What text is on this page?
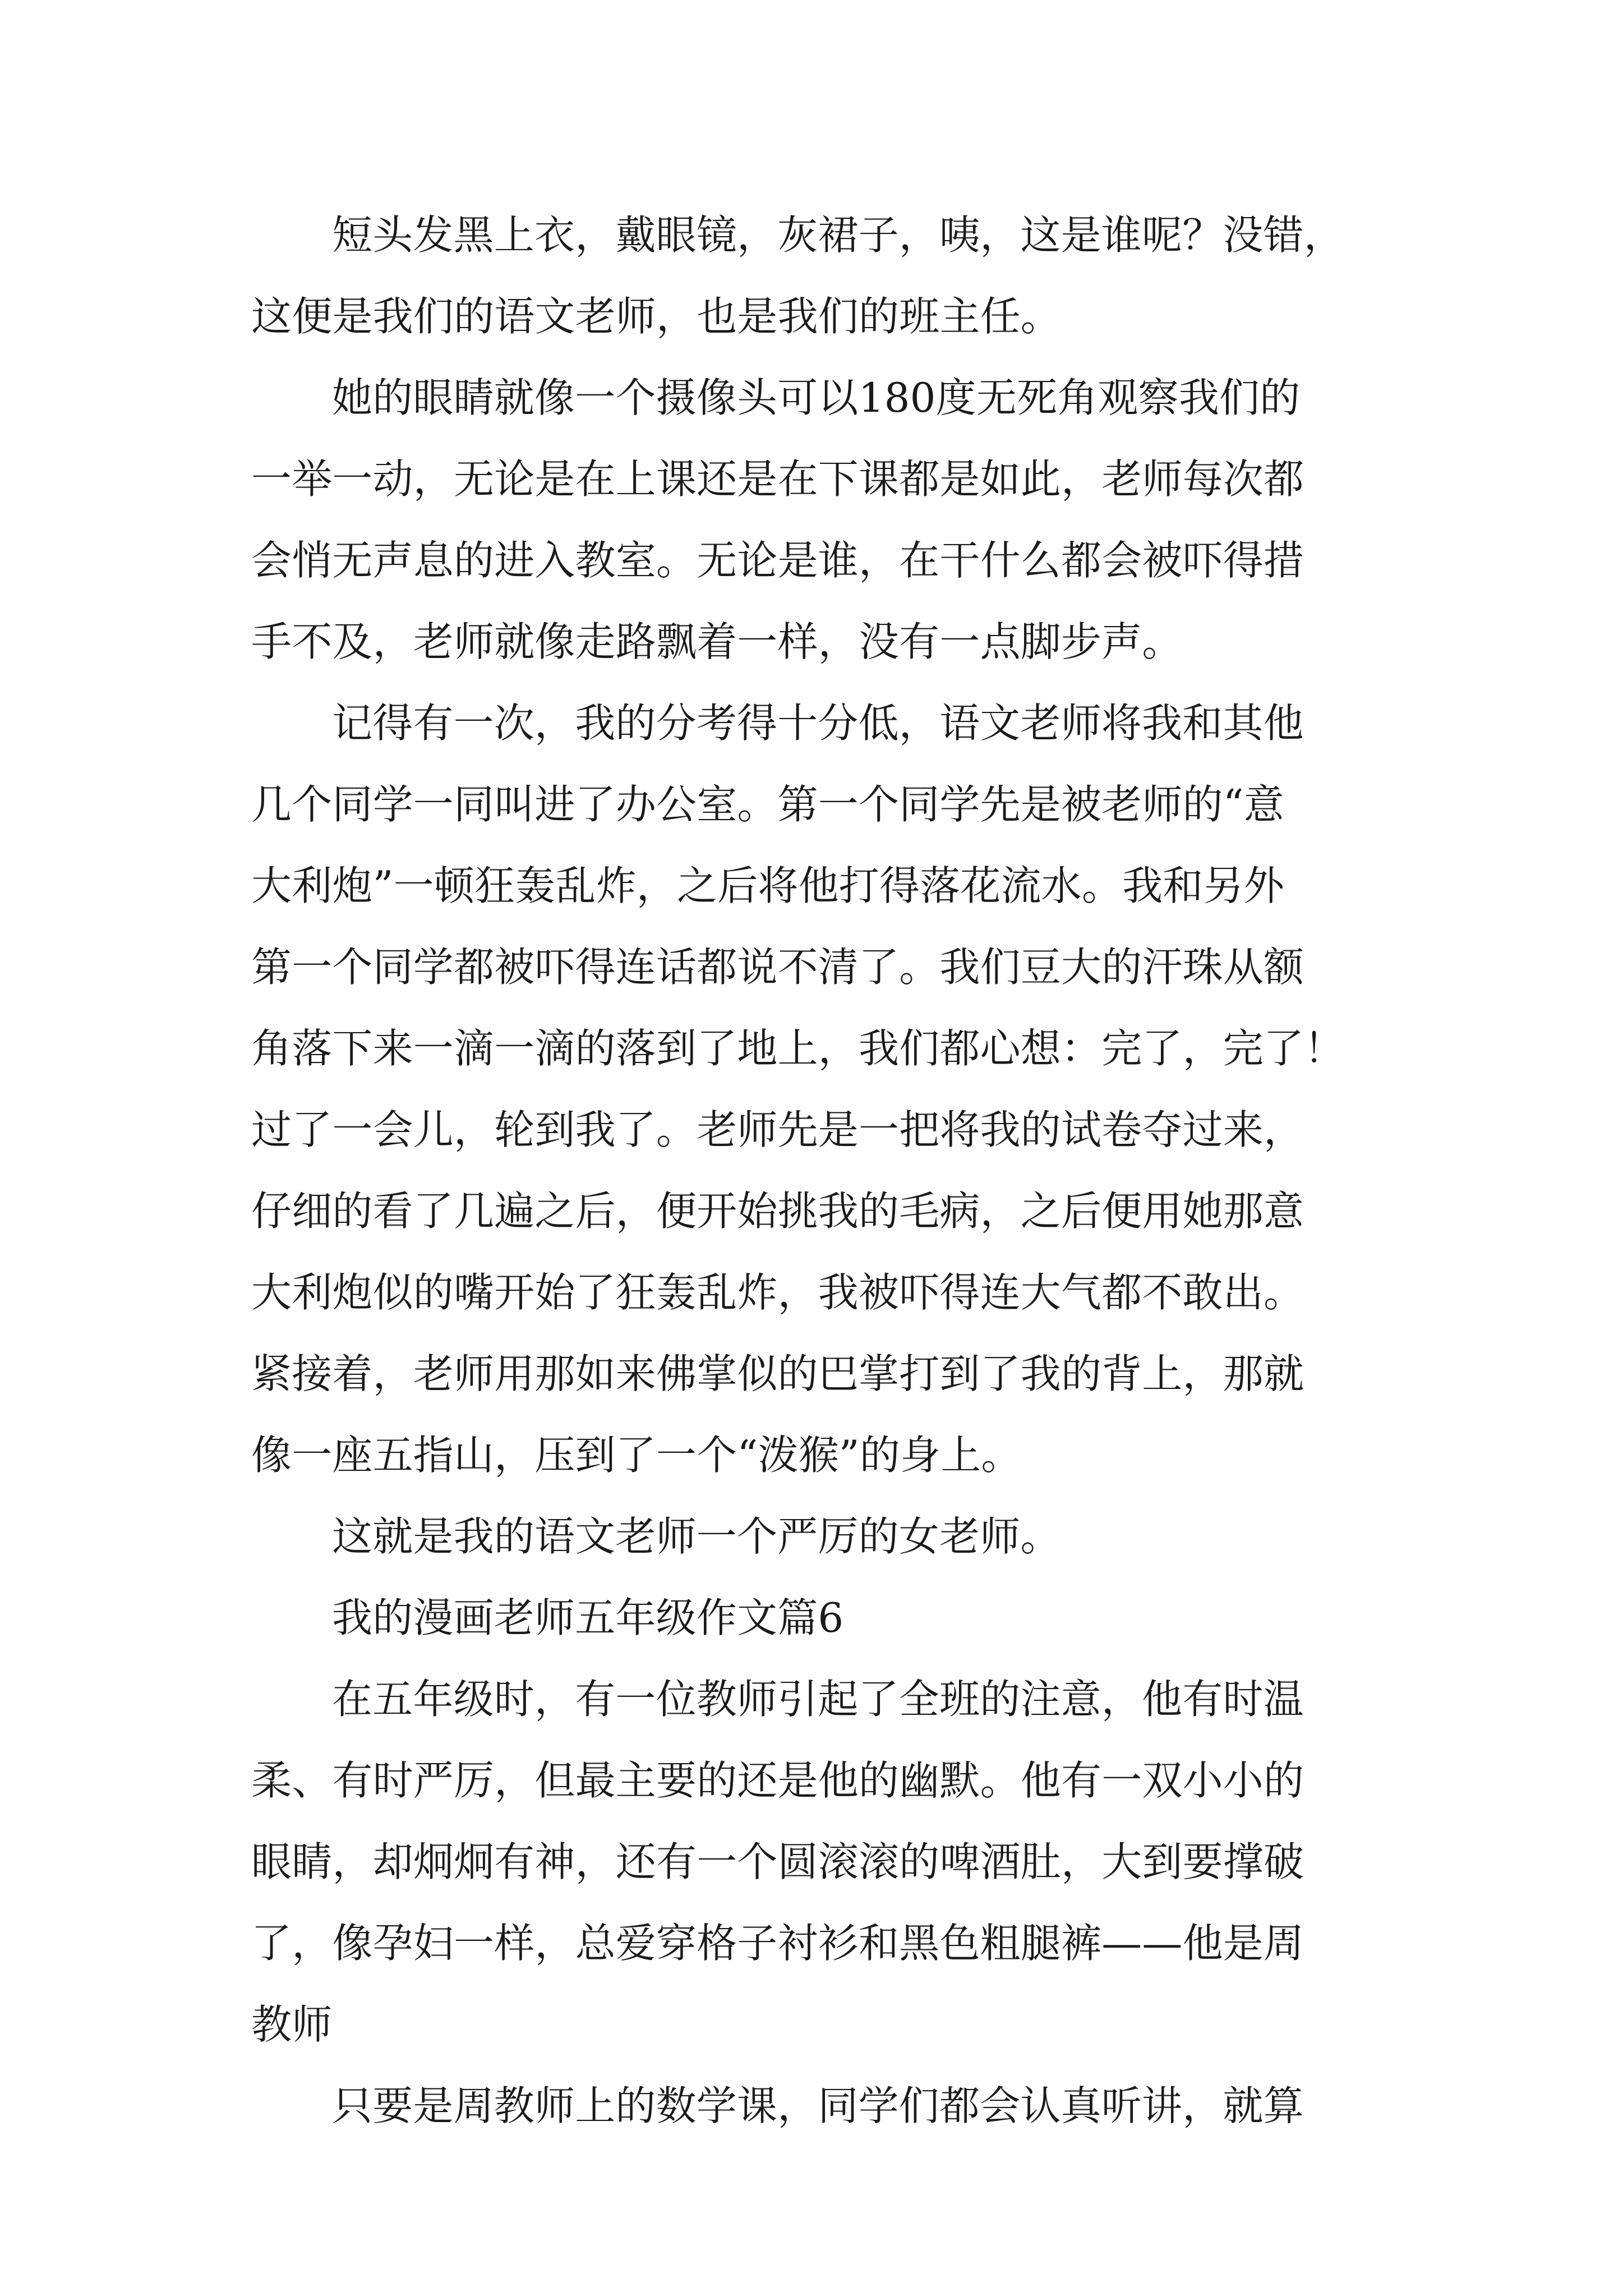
短头发黑上衣，戴眼镜，灰裙子，咦，这是谁呢？没错，
这便是我们的语文老师，也是我们的班主任。
她的眼睛就像一个摄像头可以180度无死角观察我们的
一举一动，无论是在上课还是在下课都是如此，老师每次都
会悄无声息的进入教室。无论是谁，在干什么都会被吓得措
手不及，老师就像走路飘着一样，没有一点脚步声。
记得有一次，我的分考得十分低，语文老师将我和其他
几个同学一同叫进了办公室。第一个同学先是被老师的“意
大利炮”一顿狂轰乱炸，之后将他打得落花流水。我和另外
第一个同学都被吓得连话都说不清了。我们豆大的汗珠从额
角落下来一滴一滴的落到了地上，我们都心想：完了，完了！
过了一会儿，轮到我了。老师先是一把将我的试卷夺过来，
仔细的看了几遍之后，便开始挑我的毛病，之后便用她那意
大利炮似的嘴开始了狂轰乱炸，我被吓得连大气都不敢出。
紧接着，老师用那如来佛掌似的巴掌打到了我的背上，那就
像一座五指山，压到了一个“泼猴”的身上。
这就是我的语文老师一个严厉的女老师。
我的漫画老师五年级作文篇6
在五年级时，有一位教师引起了全班的注意，他有时温
柔、有时严厉，但最主要的还是他的幽默。他有一双小小的
眼睛，却炯炯有神，还有一个圆滚滚的啤酒肚，大到要撑破
了，像孕妇一样，总爱穿格子衬衫和黑色粗腿裤——他是周
教师
只要是周教师上的数学课，同学们都会认真听讲，就算
